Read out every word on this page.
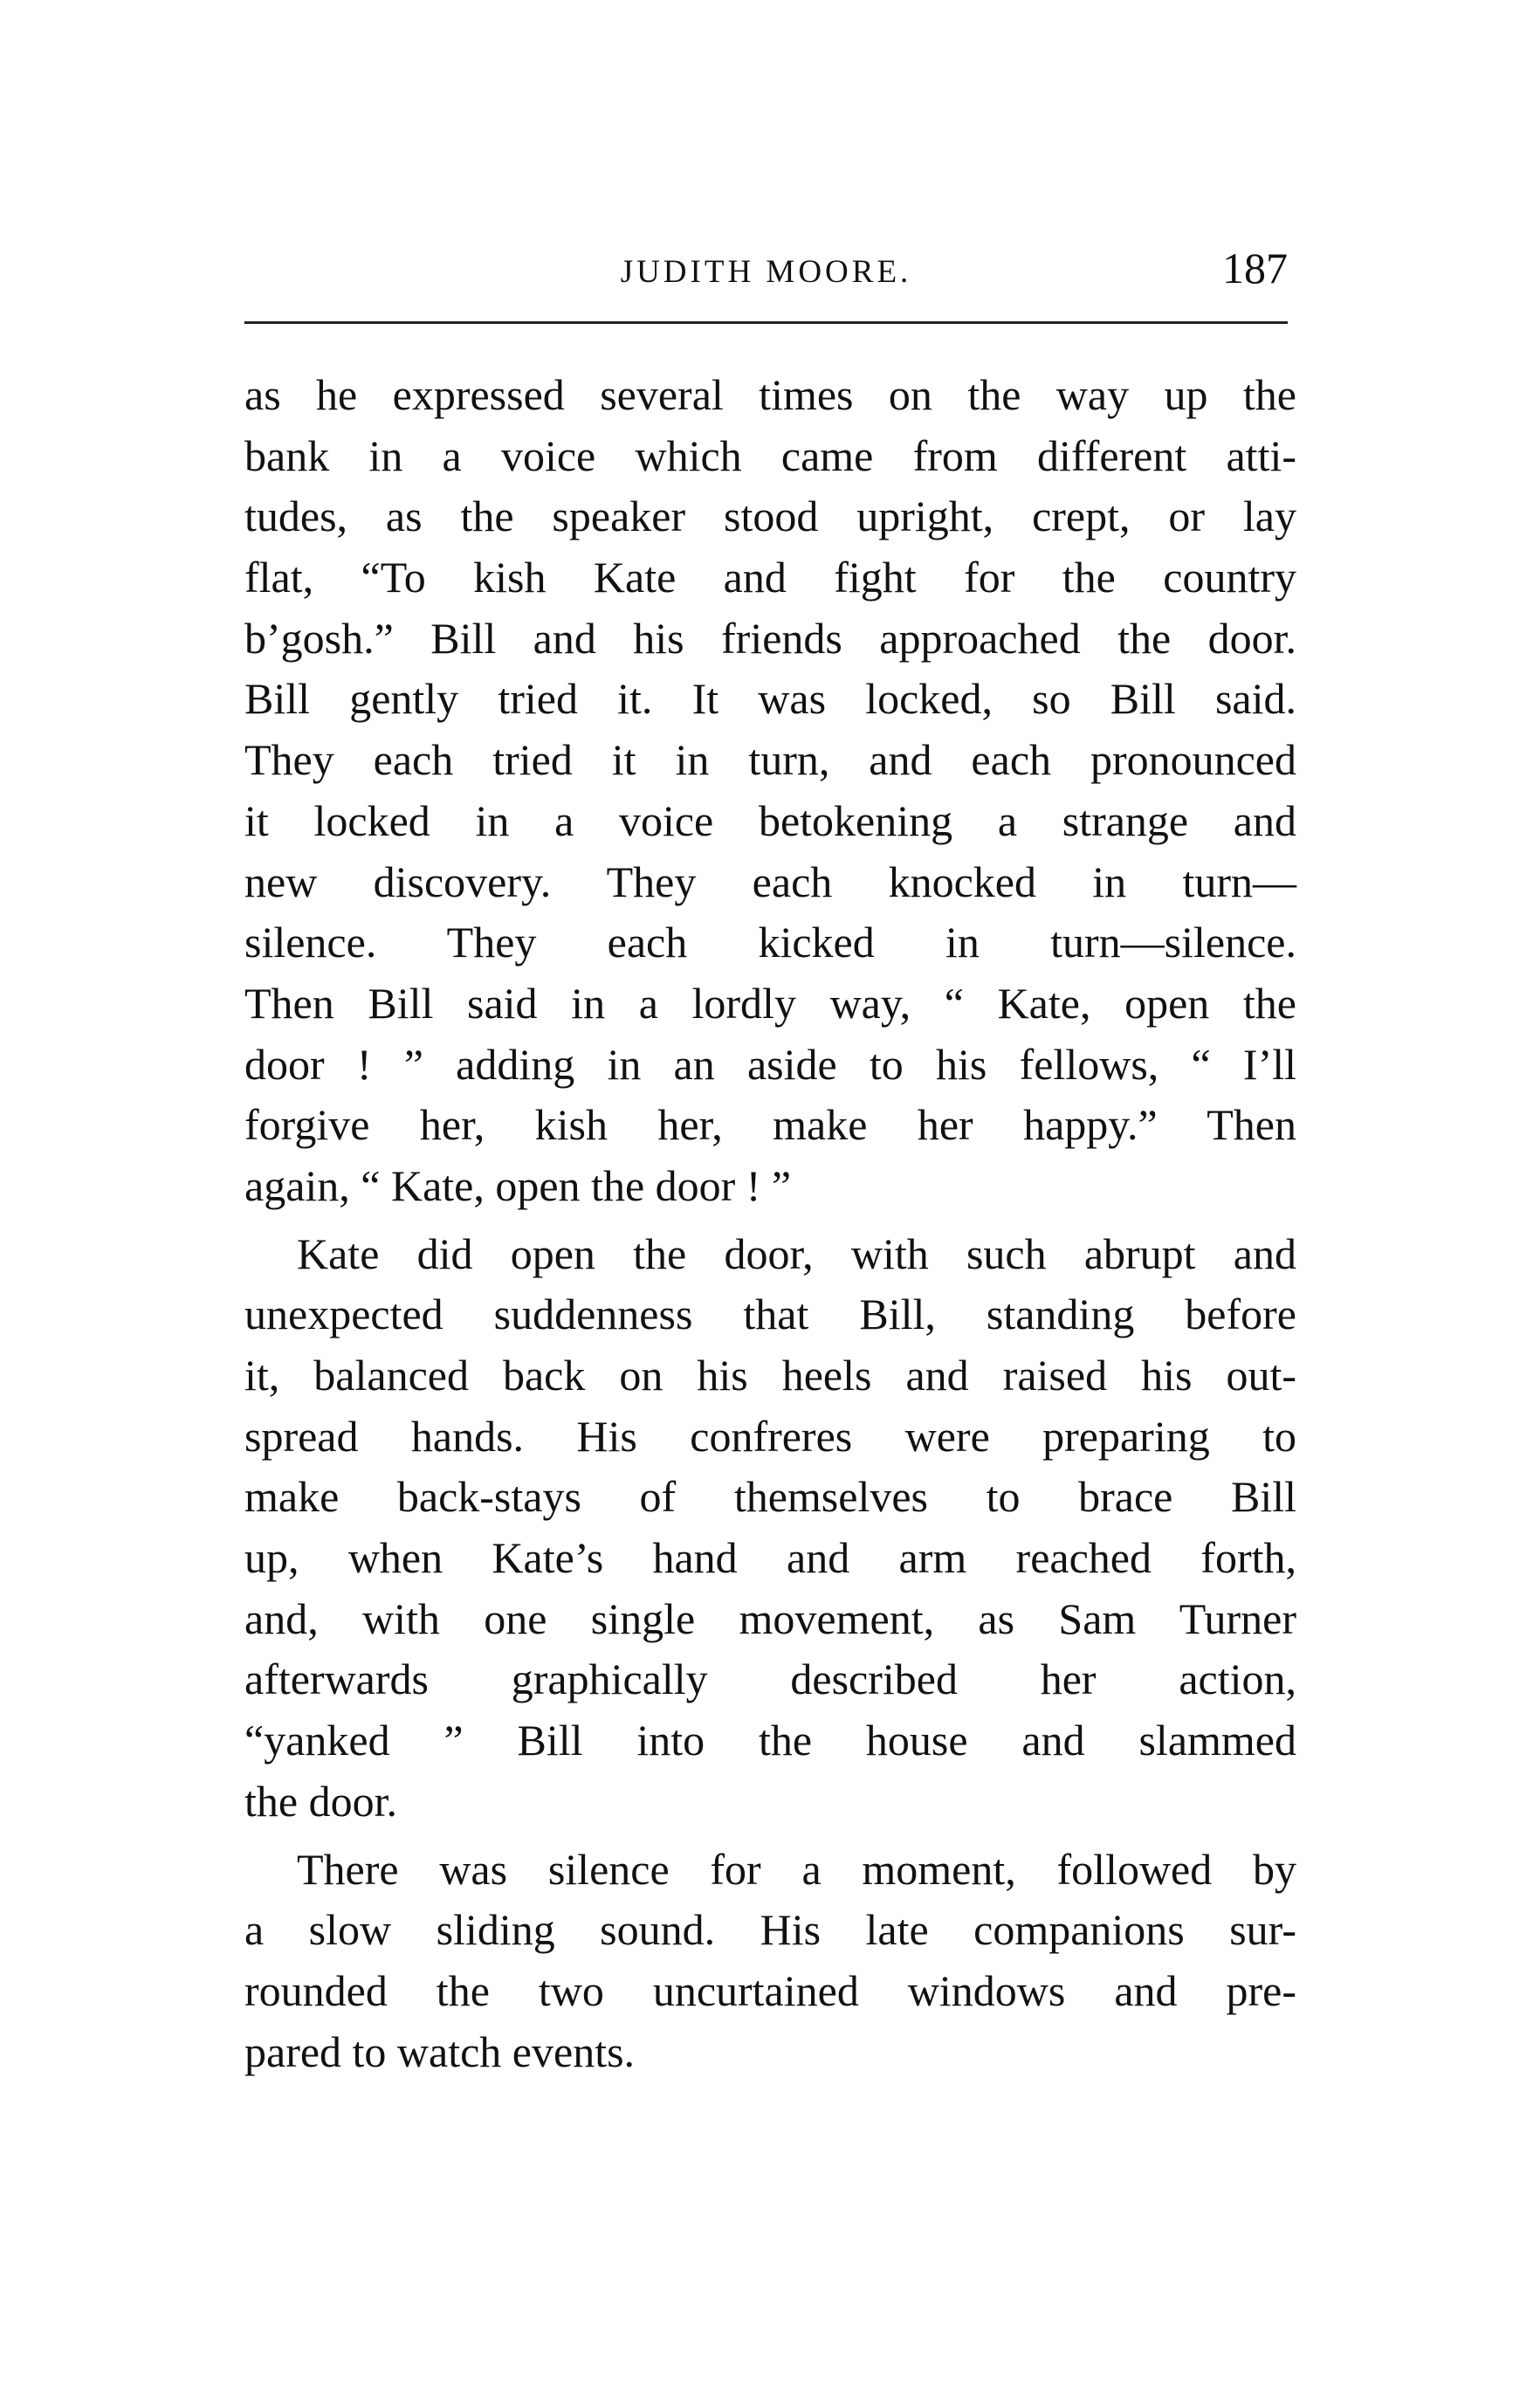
JUDITH MOORE.	187
as he expressed several times on the way up the
bank in a voice which came from different atti-
tudes, as the speaker stood upright, crept, or lay
flat, “To kish Kate and fight for the country
b’gosh.” Bill and his friends approached the door.
Bill gently tried it. It was locked, so Bill said.
They each tried it in turn, and each pronounced
it locked in a voice betokening a strange and
new discovery. They each knocked in turn—
silence. They each kicked in turn—silence.
Then Bill said in a lordly way, “ Kate, open the
door ! ” adding in an aside to his fellows, “ I’ll
forgive her, kish her, make her happy.” Then
again, “ Kate, open the door ! ”
Kate did open the door, with such abrupt and
unexpected suddenness that Bill, standing before
it, balanced back on his heels and raised his out-
spread hands. His confreres were preparing to
make back-stays of themselves to brace Bill
up, when Kate’s hand and arm reached forth,
and, with one single movement, as Sam Turner
afterwards graphically described her action,
“yanked ” Bill into the house and slammed
the door.
There was silence for a moment, followed by
a slow sliding sound. His late companions sur-
rounded the two uncurtained windows and pre-
pared to watch events.
